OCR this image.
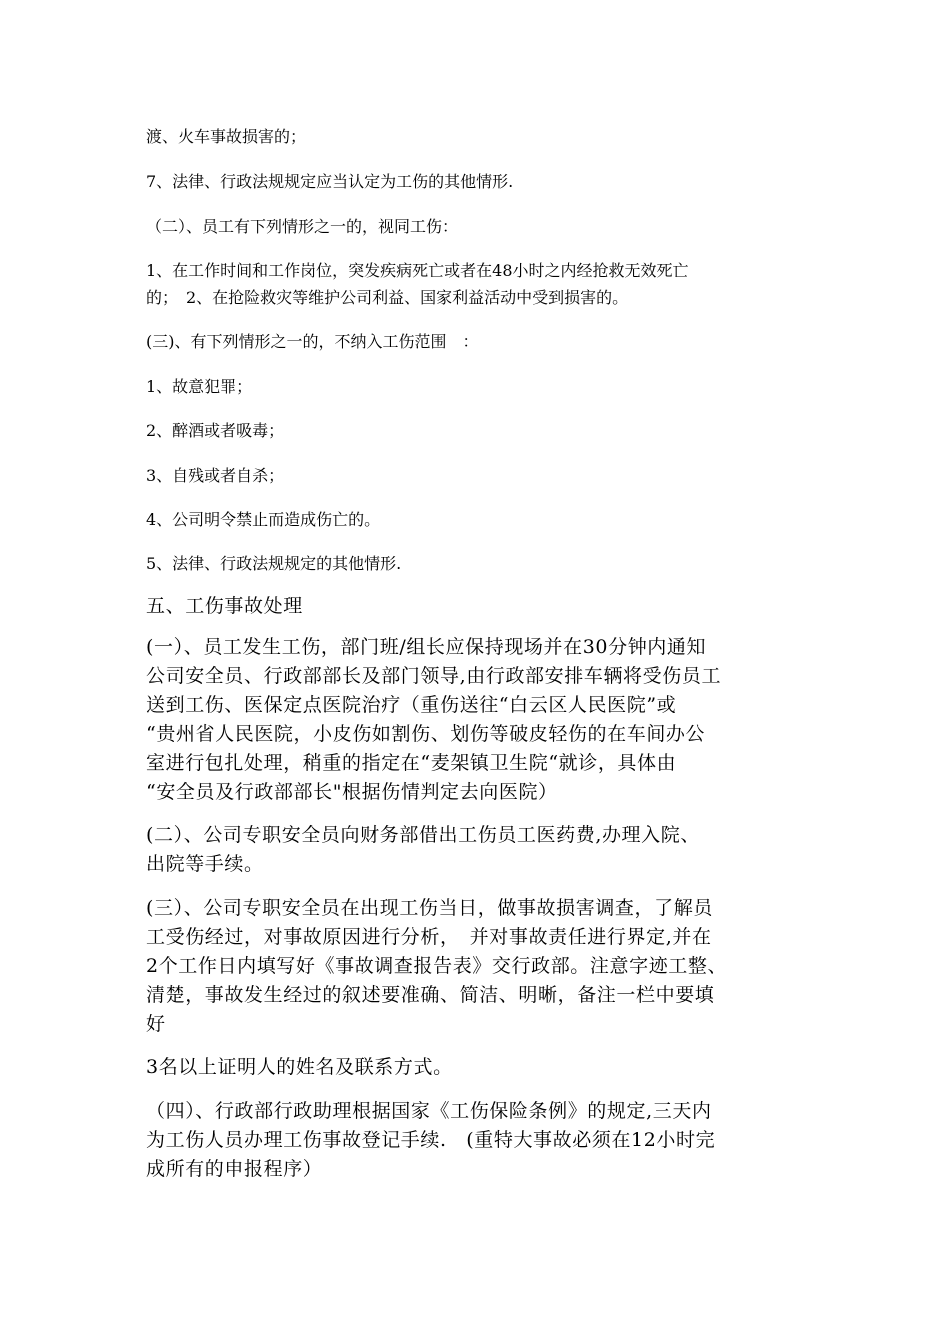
渡、火车事故损害的；

7、法律、行政法规规定应当认定为工伤的其他情形.

（二）、员工有下列情形之一的，视同工伤：

1、在工作时间和工作岗位，突发疾病死亡或者在48小时之内经抢救无效死亡

的；　2、在抢险救灾等维护公司利益、国家利益活动中受到损害的。

(三)、有下列情形之一的，不纳入工伤范围　：

1、故意犯罪；

2、醉酒或者吸毒；

3、自残或者自杀；

4、公司明令禁止而造成伤亡的。

5、法律、行政法规规定的其他情形.

五、工伤事故处理

(一）、员工发生工伤，部门班/组长应保持现场并在30分钟内通知

公司安全员、行政部部长及部门领导,由行政部安排车辆将受伤员工

送到工伤、医保定点医院治疗（重伤送往“白云区人民医院”或

“贵州省人民医院，小皮伤如割伤、划伤等破皮轻伤的在车间办公

室进行包扎处理，稍重的指定在“麦架镇卫生院“就诊，具体由

“安全员及行政部部长"根据伤情判定去向医院）

(二）、公司专职安全员向财务部借出工伤员工医药费,办理入院、

出院等手续。

(三）、公司专职安全员在出现工伤当日，做事故损害调查，了解员

工受伤经过，对事故原因进行分析，　并对事故责任进行界定,并在

2个工作日内填写好《事故调查报告表》交行政部。注意字迹工整、

清楚，事故发生经过的叙述要准确、简洁、明晰，备注一栏中要填

好

3名以上证明人的姓名及联系方式。

（四）、行政部行政助理根据国家《工伤保险条例》的规定,三天内

为工伤人员办理工伤事故登记手续.　(重特大事故必须在12小时完

成所有的申报程序）
